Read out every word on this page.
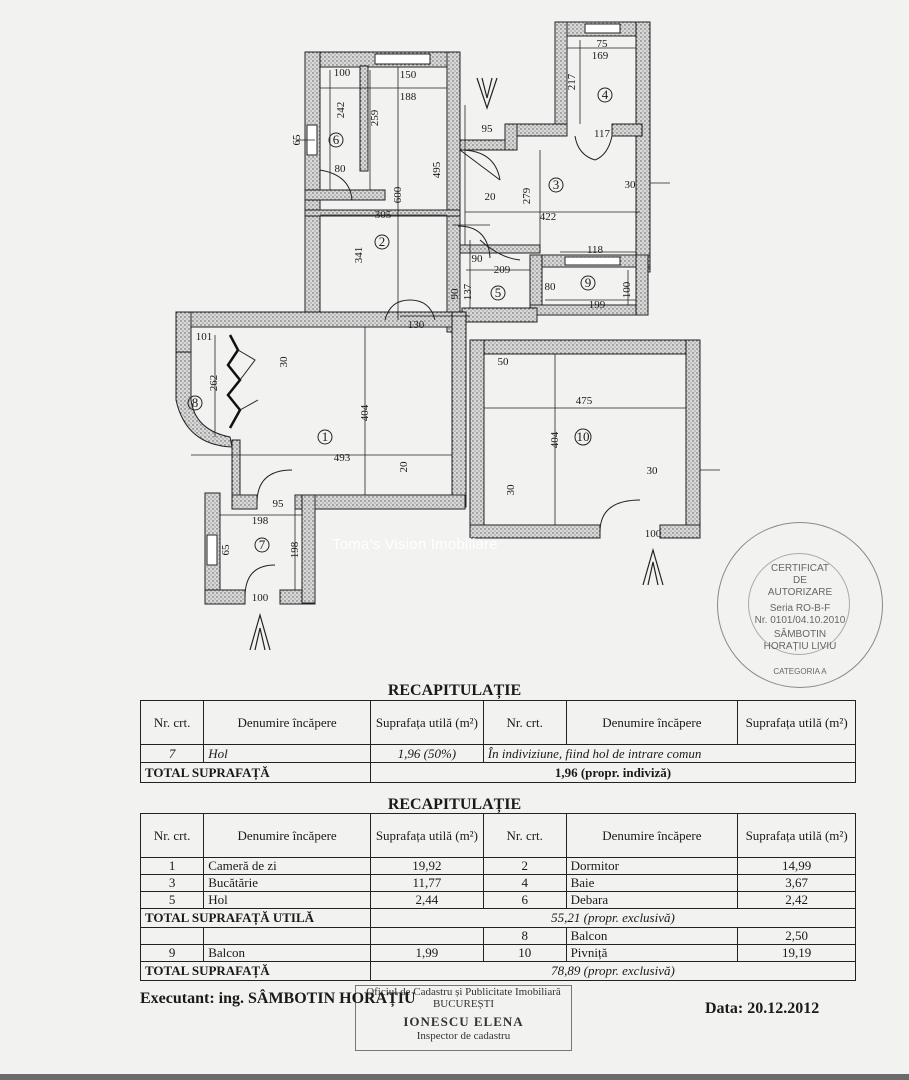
1
2
3
4
5
6
7
8
9
10
100	150
188
242 259
65
80
600
495
305
341
75
169
217
95	117
279
20
30
422
118
90
209
90 137	80
199
100
130
101
30
262
404
493
20
95
198
65	198
100
50
475
404
30
30
100
Toma's Vision Imobiliare
CERTIFICAT
DE
AUTORIZARE
Seria RO-B-F
Nr. 0101/04.10.2010
SÂMBOTIN
HORAȚIU LIVIU
CATEGORIA A
RECAPITULAȚIE
Nr. crt.	Denumire încăpere	Suprafața utilă (m²)	Nr. crt.	Denumire încăpere	Suprafața utilă (m²)
7	Hol	1,96 (50%)	În indiviziune, fiind hol de intrare comun		
TOTAL SUPRAFAȚĂ		1,96 (propr. indiviză)			
RECAPITULAȚIE
Nr. crt.	Denumire încăpere	Suprafața utilă (m²)	Nr. crt.	Denumire încăpere	Suprafața utilă (m²)
1	Cameră de zi	19,92	2	Dormitor	14,99
3	Bucătărie	11,77	4	Baie	3,67
5	Hol	2,44	6	Debara	2,42
TOTAL SUPRAFAȚĂ UTILĂ		55,21 (propr. exclusivă)			
			8	Balcon	2,50
9	Balcon	1,99	10	Pivniță	19,19
TOTAL SUPRAFAȚĂ		78,89 (propr. exclusivă)			
Oficiul de Cadastru și Publicitate Imobiliară
BUCUREȘTI
IONESCU ELENA
Inspector de cadastru
Executant: ing. SÂMBOTIN HORAȚIU
Data: 20.12.2012
